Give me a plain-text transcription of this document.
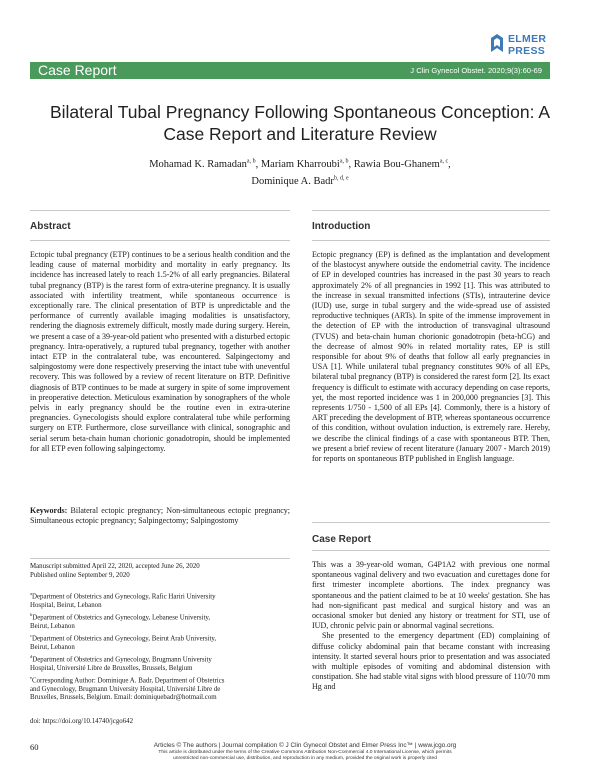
ELMER
PRESS
Case Report	J Clin Gynecol Obstet. 2020;9(3):60-69
Bilateral Tubal Pregnancy Following Spontaneous Conception: A Case Report and Literature Review
Mohamad K. Ramadan$^{a, b}$, Mariam Kharroubi$^{a, b}$, Rawia Bou-Ghanem$^{a, c}$,
Dominique A. Badr$^{b, d, e}$
Abstract

Ectopic tubal pregnancy (ETP) continues to be a serious health condition and the leading cause of maternal morbidity and mortality in early pregnancy. Its incidence has increased lately to reach 1.5-2% of all early pregnancies. Bilateral tubal pregnancy (BTP) is the rarest form of extra-uterine pregnancy. It is usually associated with infertility treatment, while spontaneous occurrence is exceptionally rare. The clinical presentation of BTP is unpredictable and the performance of currently available imaging modalities is unsatisfactory, rendering the diagnosis extremely difficult, mostly made during surgery. Herein, we present a case of a 39-year-old patient who presented with a disturbed ectopic pregnancy. Intra-operatively, a ruptured tubal pregnancy, together with another intact ETP in the contralateral tube, was encountered. Salpingectomy and salpingostomy were done respectively preserving the intact tube with uneventful recovery. This was followed by a review of recent literature on BTP. Definitive diagnosis of BTP continues to be made at surgery in spite of some improvement in preoperative detection. Meticulous examination by sonographers of the whole pelvis in early pregnancy should be the routine even in extra-uterine pregnancies. Gynecologists should explore contralateral tube while performing surgery on ETP. Furthermore, close surveillance with clinical, sonographic and serial serum beta-chain human chorionic gonadotropin, should be implemented for all ETP even following salpingectomy.

Keywords: Bilateral ectopic pregnancy; Non-simultaneous ectopic pregnancy; Simultaneous ectopic pregnancy; Salpingectomy; Salpingostomy

Manuscript submitted April 22, 2020, accepted June 26, 2020

Published online September 9, 2020

$^a$Department of Obstetrics and Gynecology, Rafic Hariri University Hospital, Beirut, Lebanon

$^b$Department of Obstetrics and Gynecology, Lebanese University, Beirut, Lebanon

$^c$Department of Obstetrics and Gynecology, Beirut Arab University, Beirut, Lebanon

$^d$Department of Obstetrics and Gynecology, Brugmann University Hospital, Université Libre de Bruxelles, Brussels, Belgium

$^e$Corresponding Author: Dominique A. Badr, Department of Obstetrics and Gynecology, Brugmann University Hospital, Université Libre de Bruxelles, Brussels, Belgium. Email: dominiquebadr@hotmail.com

doi: https://doi.org/10.14740/jcgo642
Introduction

Ectopic pregnancy (EP) is defined as the implantation and development of the blastocyst anywhere outside the endometrial cavity. The incidence of EP in developed countries has increased in the past 30 years to reach approximately 2% of all pregnancies in 1992 [1]. This was attributed to the increase in sexual transmitted infections (STIs), intrauterine device (IUD) use, surge in tubal surgery and the wide-spread use of assisted reproductive techniques (ARTs). In spite of the immense improvement in the detection of EP with the introduction of transvaginal ultrasound (TVUS) and beta-chain human chorionic gonadotropin (beta-hCG) and the decrease of almost 90% in related mortality rates, EP is still responsible for about 9% of deaths that follow all early pregnancies in USA [1]. While unilateral tubal pregnancy constitutes 90% of all EPs, bilateral tubal pregnancy (BTP) is considered the rarest form [2]. Its exact frequency is difficult to estimate with accuracy depending on case reports, yet, the most reported incidence was 1 in 200,000 pregnancies [3]. This represents 1/750 - 1,500 of all EPs [4]. Commonly, there is a history of ART preceding the development of BTP, whereas spontaneous occurrence of this condition, without ovulation induction, is extremely rare. Hereby, we describe the clinical findings of a case with spontaneous BTP. Then, we present a brief review of recent literature (January 2007 - March 2019) for reports on spontaneous BTP published in English language.

Case Report

This was a 39-year-old woman, G4P1A2 with previous one normal spontaneous vaginal delivery and two evacuation and curettages done for first trimester incomplete abortions. The index pregnancy was spontaneous and the patient claimed to be at 10 weeks' gestation. She has had non-significant past medical and surgical history and was an occasional smoker but denied any history or treatment for STI, use of IUD, chronic pelvic pain or abnormal vaginal secretions.

She presented to the emergency department (ED) complaining of diffuse colicky abdominal pain that became constant with increasing intensity. It started several hours prior to presentation and was associated with multiple episodes of vomiting and abdominal distension with constipation. She had stable vital signs with blood pressure of 110/70 mm Hg and

60	Articles © The authors | Journal compilation © J Clin Gynecol Obstet and Elmer Press Inc™ | www.jcgo.org
This article is distributed under the terms of the Creative Commons Attribution Non-Commercial 4.0 International License, which permits
unrestricted non-commercial use, distribution, and reproduction in any medium, provided the original work is properly cited
